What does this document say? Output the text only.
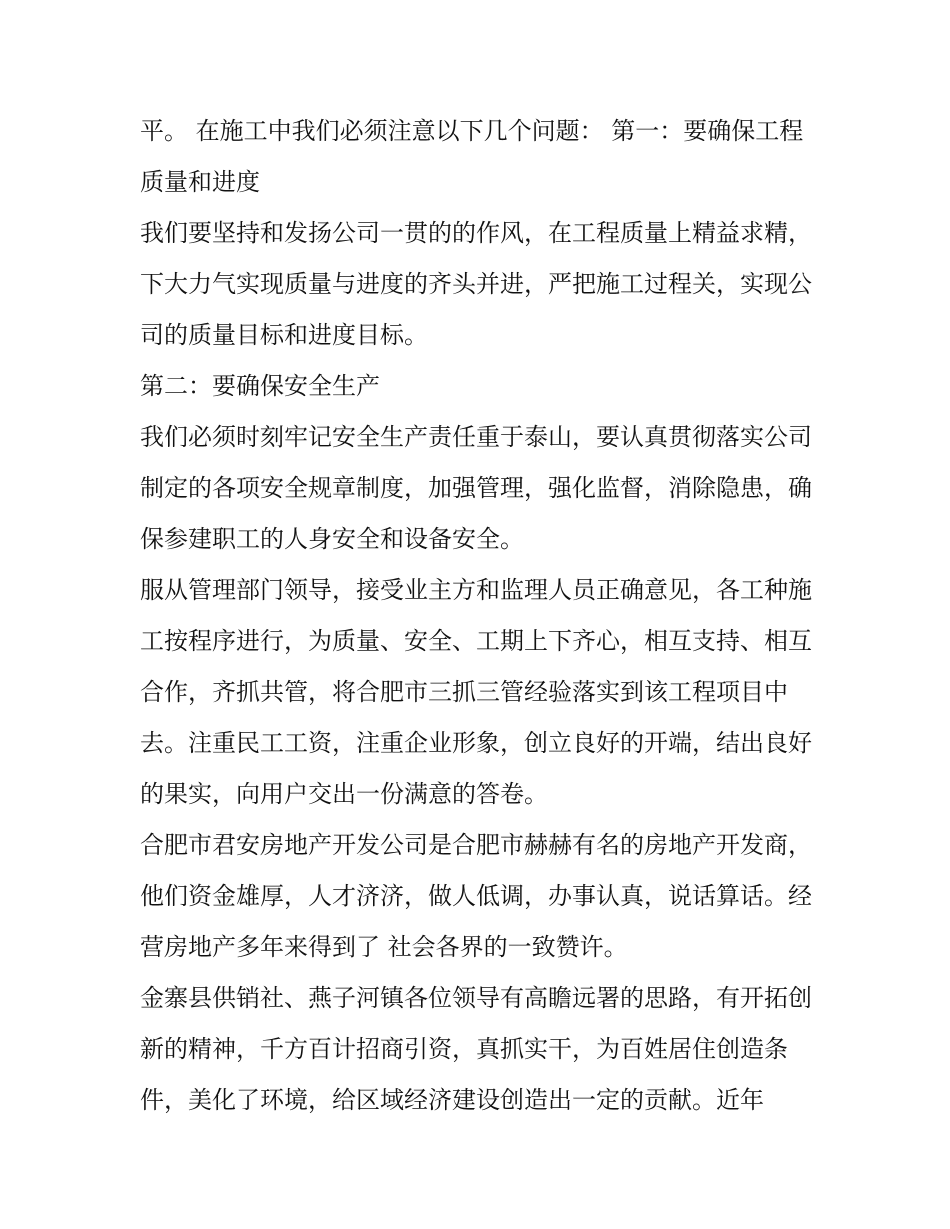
平。 在施工中我们必须注意以下几个问题： 第一：要确保工程质量和进度

我们要坚持和发扬公司一贯的的作风，在工程质量上精益求精，下大力气实现质量与进度的齐头并进，严把施工过程关，实现公司的质量目标和进度目标。

第二：要确保安全生产

我们必须时刻牢记安全生产责任重于泰山，要认真贯彻落实公司制定的各项安全规章制度，加强管理，强化监督，消除隐患，确保参建职工的人身安全和设备安全。

服从管理部门领导，接受业主方和监理人员正确意见，各工种施工按程序进行，为质量、安全、工期上下齐心，相互支持、相互合作，齐抓共管，将合肥市三抓三管经验落实到该工程项目中去。注重民工工资，注重企业形象，创立良好的开端，结出良好的果实，向用户交出一份满意的答卷。

合肥市君安房地产开发公司是合肥市赫赫有名的房地产开发商，他们资金雄厚，人才济济，做人低调，办事认真，说话算话。经营房地产多年来得到了 社会各界的一致赞许。

金寨县供销社、燕子河镇各位领导有高瞻远署的思路，有开拓创新的精神，千方百计招商引资，真抓实干，为百姓居住创造条件，美化了环境，给区域经济建设创造出一定的贡献。近年
